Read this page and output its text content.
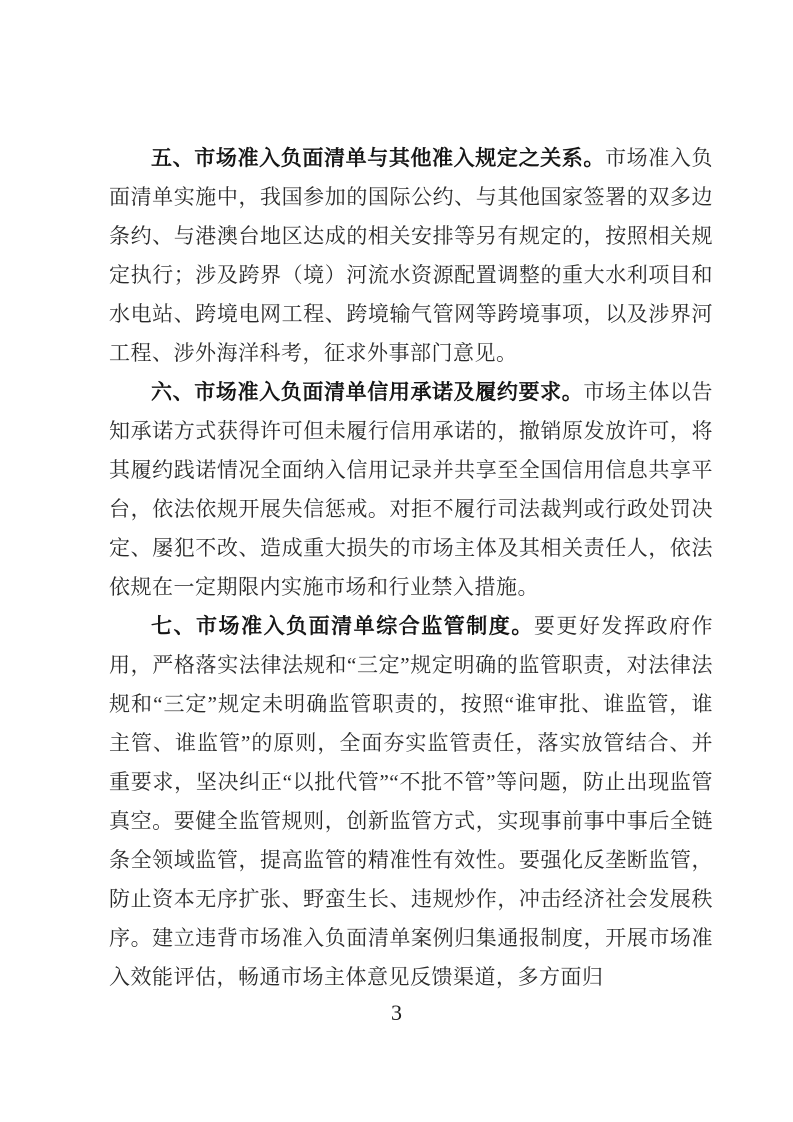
五、市场准入负面清单与其他准入规定之关系。市场准入负面清单实施中，我国参加的国际公约、与其他国家签署的双多边条约、与港澳台地区达成的相关安排等另有规定的，按照相关规定执行；涉及跨界（境）河流水资源配置调整的重大水利项目和水电站、跨境电网工程、跨境输气管网等跨境事项，以及涉界河工程、涉外海洋科考，征求外事部门意见。

六、市场准入负面清单信用承诺及履约要求。市场主体以告知承诺方式获得许可但未履行信用承诺的，撤销原发放许可，将其履约践诺情况全面纳入信用记录并共享至全国信用信息共享平台，依法依规开展失信惩戒。对拒不履行司法裁判或行政处罚决定、屡犯不改、造成重大损失的市场主体及其相关责任人，依法依规在一定期限内实施市场和行业禁入措施。

七、市场准入负面清单综合监管制度。要更好发挥政府作用，严格落实法律法规和“三定”规定明确的监管职责，对法律法规和“三定”规定未明确监管职责的，按照“谁审批、谁监管，谁主管、谁监管”的原则，全面夯实监管责任，落实放管结合、并重要求，坚决纠正“以批代管”“不批不管”等问题，防止出现监管真空。要健全监管规则，创新监管方式，实现事前事中事后全链条全领域监管，提高监管的精准性有效性。要强化反垄断监管，防止资本无序扩张、野蛮生长、违规炒作，冲击经济社会发展秩序。建立违背市场准入负面清单案例归集通报制度，开展市场准入效能评估，畅通市场主体意见反馈渠道，多方面归

3
